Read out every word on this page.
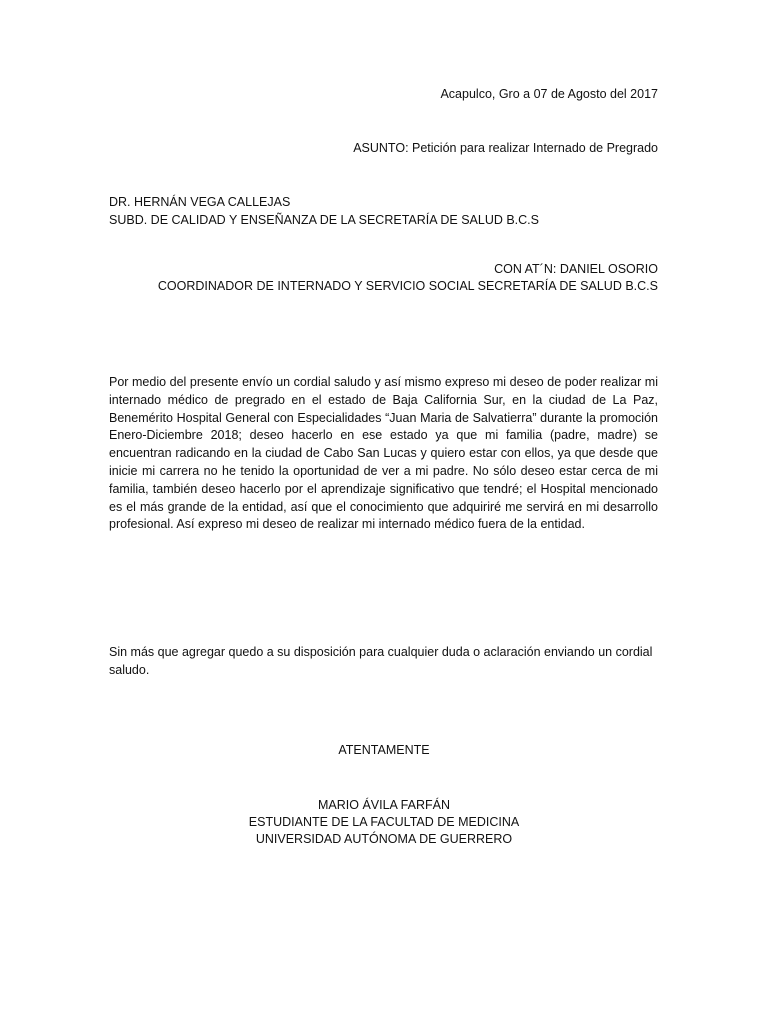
Acapulco, Gro a 07 de Agosto del 2017
ASUNTO: Petición para realizar Internado de Pregrado
DR. HERNÁN VEGA CALLEJAS
SUBD. DE CALIDAD Y ENSEÑANZA DE LA SECRETARÍA DE SALUD B.C.S
CON AT´N: DANIEL OSORIO
COORDINADOR DE INTERNADO Y SERVICIO SOCIAL SECRETARÍA DE SALUD B.C.S
Por medio del presente envío un cordial saludo y así mismo expreso mi deseo de poder realizar mi internado médico de pregrado en el estado de Baja California Sur, en la ciudad de La Paz, Benemérito Hospital General con Especialidades “Juan Maria de Salvatierra” durante la promoción Enero-Diciembre 2018; deseo hacerlo en ese estado ya que mi familia (padre, madre) se encuentran radicando en la ciudad de Cabo San Lucas y quiero estar con ellos, ya que desde que inicie mi carrera no he tenido la oportunidad de ver a mi padre. No sólo deseo estar cerca de mi familia, también deseo hacerlo por el aprendizaje significativo que tendré; el Hospital mencionado es el más grande de la entidad, así que el conocimiento que adquiriré me servirá en mi desarrollo profesional. Así expreso mi deseo de realizar mi internado médico fuera de la entidad.
Sin más que agregar quedo a su disposición para cualquier duda o aclaración enviando un cordial saludo.
ATENTAMENTE
MARIO ÁVILA FARFÁN
ESTUDIANTE DE LA FACULTAD DE MEDICINA
UNIVERSIDAD AUTÓNOMA DE GUERRERO
